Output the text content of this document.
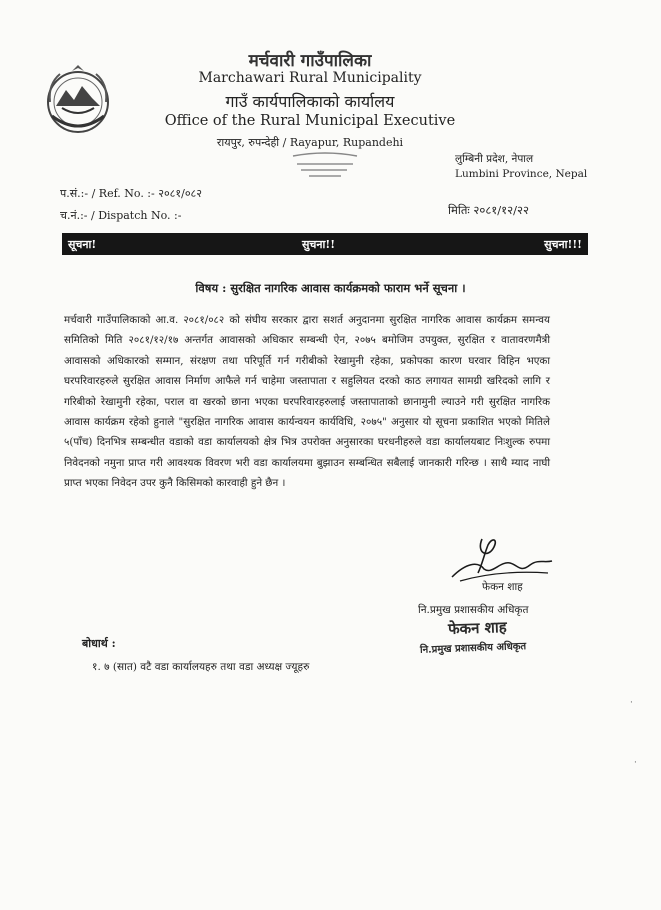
मर्चवारी गाउँपालिका
Marchawari Rural Municipality
गाउँ कार्यपालिकाको कार्यालय
Office of the Rural Municipal Executive
रायपुर, रुपन्देही / Rayapur, Rupandehi
लुम्बिनी प्रदेश, नेपाल
Lumbini Province, Nepal
प.सं.:- / Ref. No. :- २०८१/०८२
च.नं.:- / Dispatch No. :-	मितिः २०८१/१२/२२
सूचना!	सुचना!!	सुचना!!!
विषय : सुरक्षित नागरिक आवास कार्यक्रमको फाराम भर्ने सूचना ।
मर्चवारी गाउँपालिकाको आ.व. २०८१/०८२ को संघीय सरकार द्वारा सशर्त अनुदानमा सुरक्षित नागरिक आवास कार्यक्रम समन्वय समितिको मिति २०८१/१२/१७ अन्तर्गत आवासको अधिकार सम्बन्धी ऐन, २०७५ बमोजिम उपयुक्त, सुरक्षित र वातावरणमैत्री आवासको अधिकारको सम्मान, संरक्षण तथा परिपूर्ति गर्न गरीबीको रेखामुनी रहेका, प्रकोपका कारण घरवार विहिन भएका घरपरिवारहरुले सुरक्षित आवास निर्माण आफैले गर्न चाहेमा जस्तापाता र सहुलियत दरको काठ लगायत सामग्री खरिदको लागि र गरिबीको रेखामुनी रहेका, पराल वा खरको छाना भएका घरपरिवारहरुलाई जस्तापाताको छानामुनी ल्याउने गरी सुरक्षित नागरिक आवास कार्यक्रम रहेको हुनाले "सुरक्षित नागरिक आवास कार्यन्वयन कार्यविधि, २०७५" अनुसार यो सूचना प्रकाशित भएको मितिले ५(पाँच) दिनभित्र सम्बन्धीत वडाको वडा कार्यालयको क्षेत्र भित्र उपरोक्त अनुसारका घरधनीहरुले वडा कार्यालयबाट निःशुल्क रुपमा निवेदनको नमुना प्राप्त गरी आवश्यक विवरण भरी वडा कार्यालयमा बुझाउन सम्बन्धित सबैलाई जानकारी गरिन्छ । साथै म्याद नाघी प्राप्त भएका निवेदन उपर कुनै किसिमको कारवाही हुने छैन ।
फेकन शाह
नि.प्रमुख प्रशासकीय अधिकृत
फेकन शाह
नि.प्रमुख प्रशासकीय अधिकृत
बोधार्थ :
१. ७ (सात) वटै वडा कार्यालयहरु तथा वडा अध्यक्ष ज्यूहरु
·
·
